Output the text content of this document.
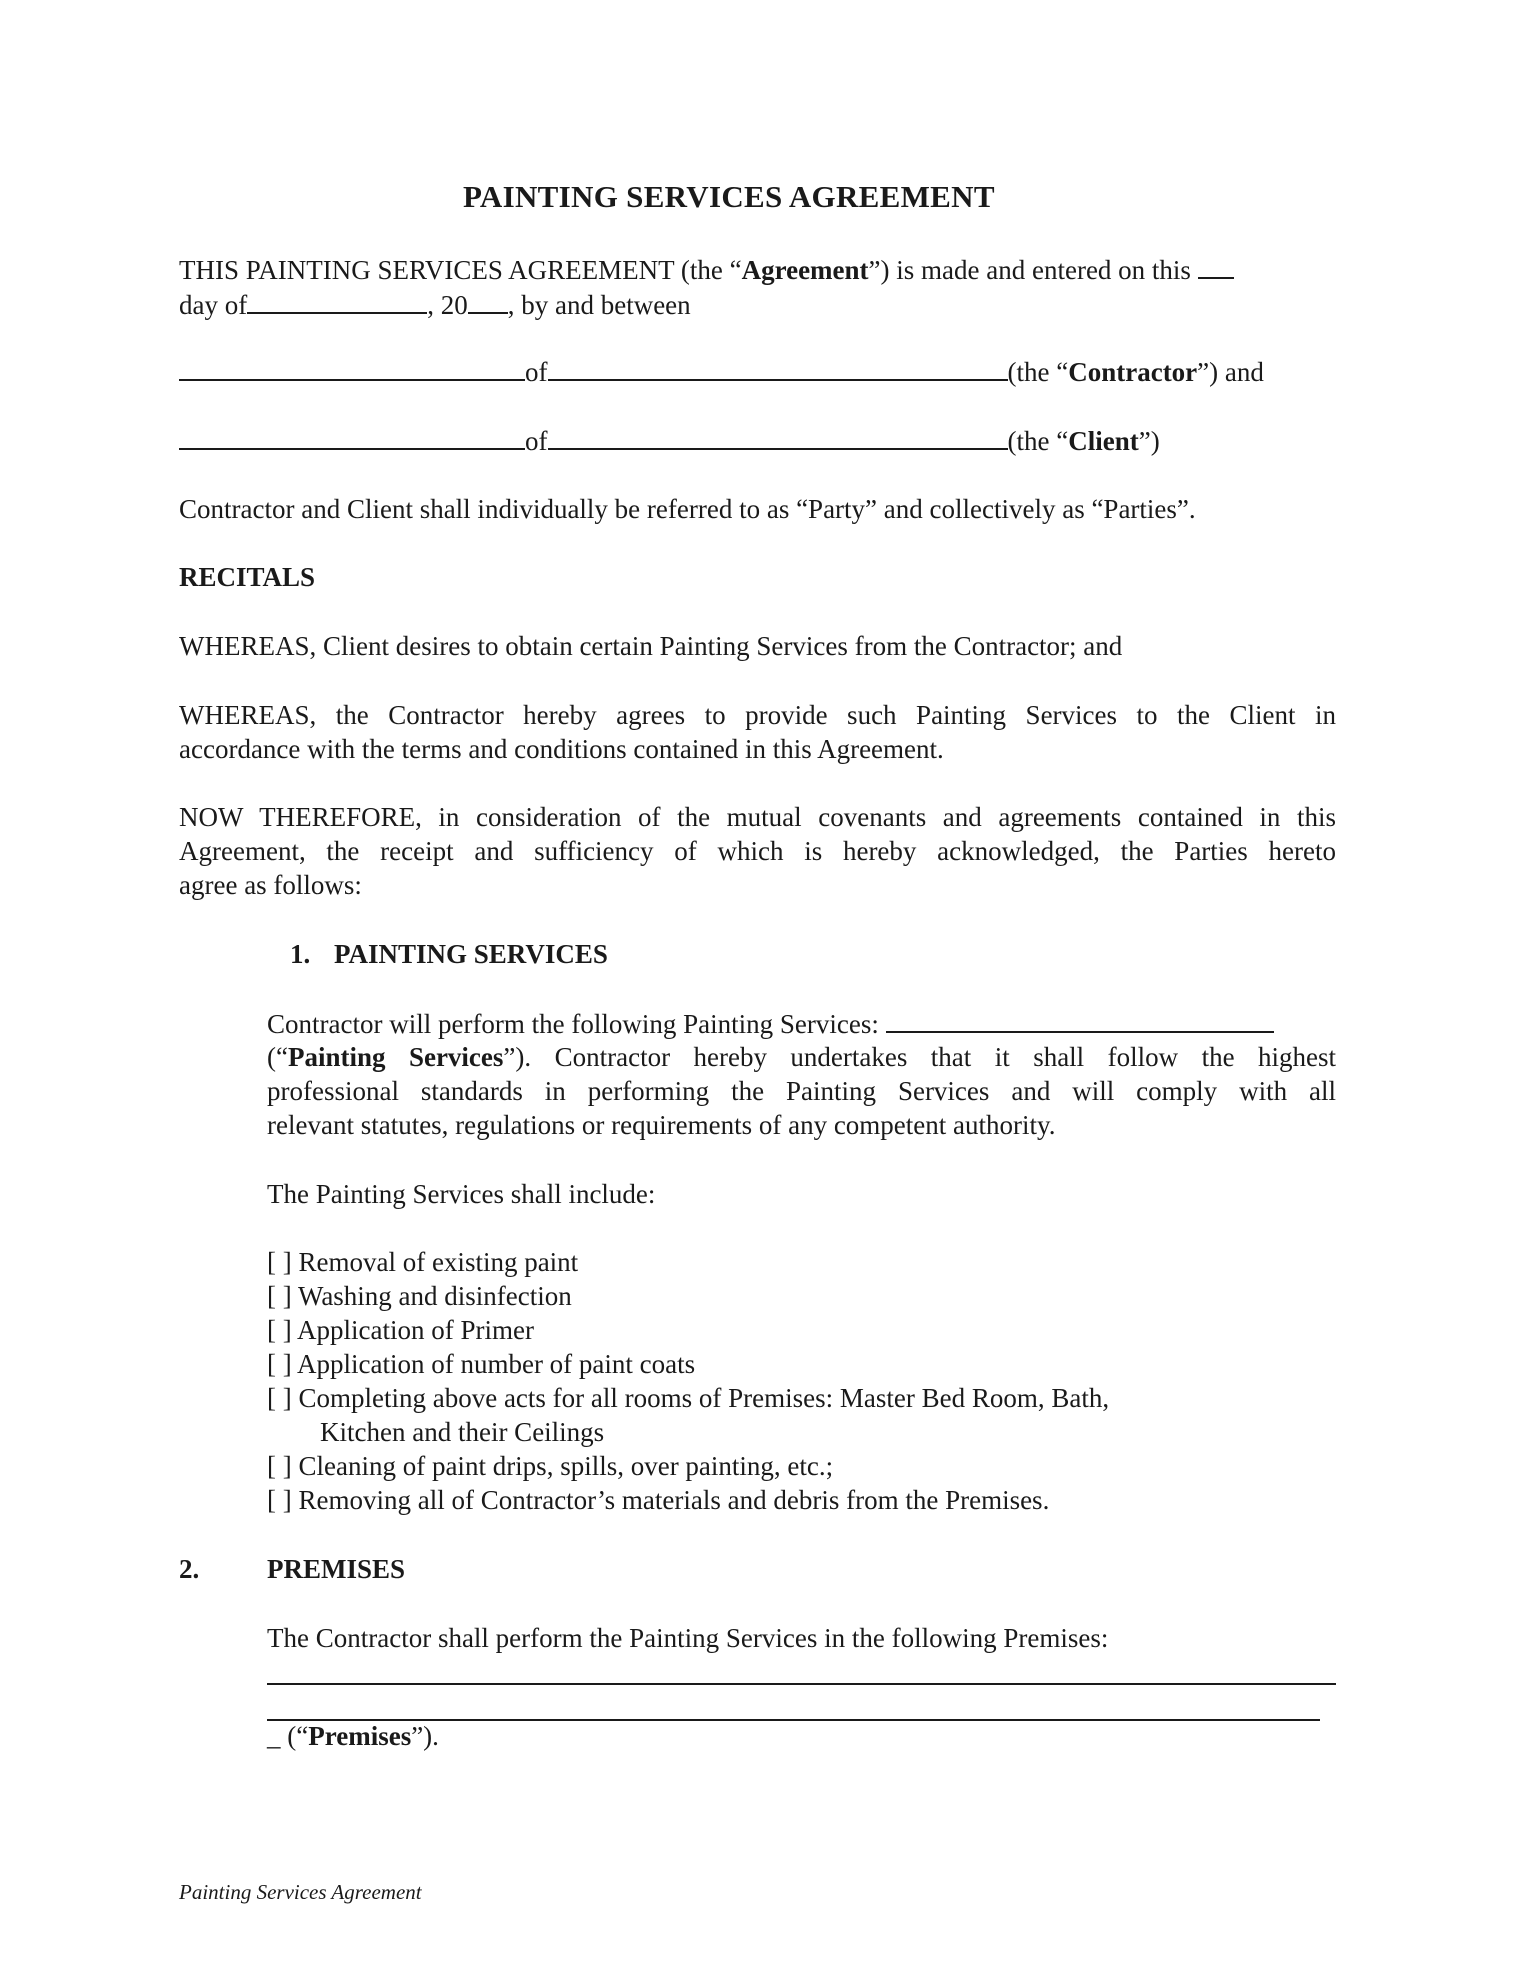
PAINTING SERVICES AGREEMENT
THIS PAINTING SERVICES AGREEMENT (the “Agreement”) is made and entered on this
day of	, 20 , by and between
of	(the “Contractor”) and
of	(the “Client”)
Contractor and Client shall individually be referred to as “Party” and collectively as “Parties”.
RECITALS
WHEREAS, Client desires to obtain certain Painting Services from the Contractor; and
WHEREAS, the Contractor hereby agrees to provide such Painting Services to the Client in
accordance with the terms and conditions contained in this Agreement.
NOW THEREFORE, in consideration of the mutual covenants and agreements contained in this
Agreement, the receipt and sufficiency of which is hereby acknowledged, the Parties hereto
agree as follows:
1. PAINTING SERVICES
Contractor will perform the following Painting Services:
(“Painting Services”). Contractor hereby undertakes that it shall follow the highest
professional standards in performing the Painting Services and will comply with all
relevant statutes, regulations or requirements of any competent authority.
The Painting Services shall include:
[ ] Removal of existing paint
[ ] Washing and disinfection
[ ] Application of Primer
[ ] Application of number of paint coats
[ ] Completing above acts for all rooms of Premises: Master Bed Room, Bath,
Kitchen and their Ceilings
[ ] Cleaning of paint drips, spills, over painting, etc.;
[ ] Removing all of Contractor’s materials and debris from the Premises.
2.	PREMISES
The Contractor shall perform the Painting Services in the following Premises:
_ (“Premises”).
Painting Services Agreement
